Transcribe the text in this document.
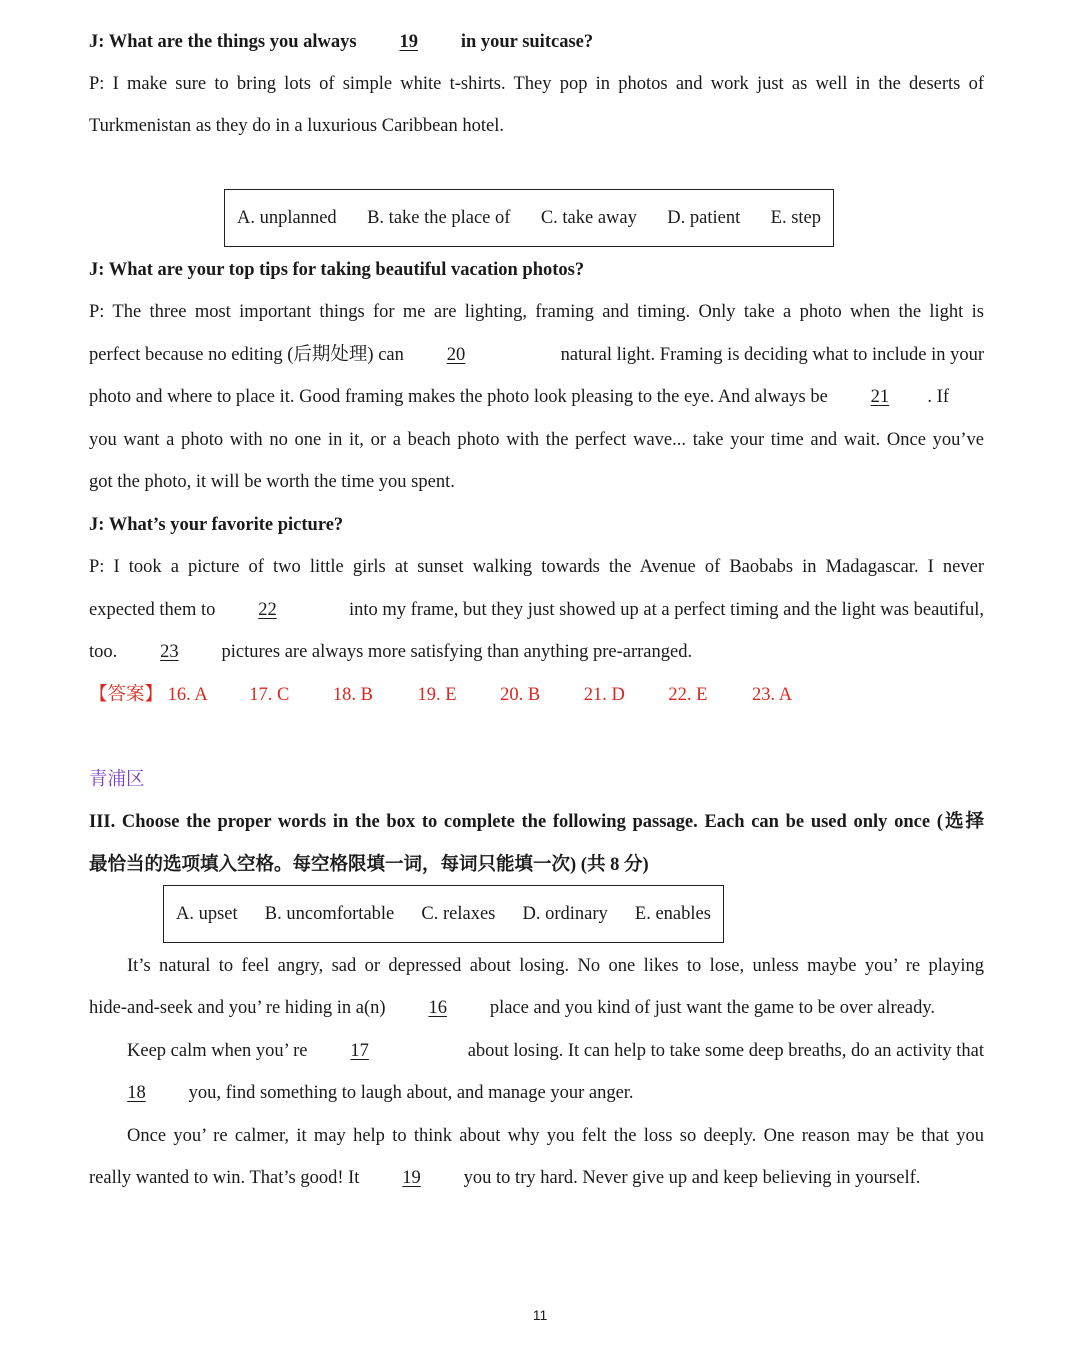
J: What are the things you always 19 in your suitcase?
P: I make sure to bring lots of simple white t-shirts. They pop in photos and work just as well in the deserts of
Turkmenistan as they do in a luxurious Caribbean hotel.
A. unplanned B. take the place of C. take away D. patient E. step
J: What are your top tips for taking beautiful vacation photos?
P: The three most important things for me are lighting, framing and timing. Only take a photo when the light is
perfect because no editing (后期处理) can 20	natural light. Framing is deciding what to include in your
photo and where to place it. Good framing makes the photo look pleasing to the eye. And always be 21 . If
you want a photo with no one in it, or a beach photo with the perfect wave... take your time and wait. Once you’ve
got the photo, it will be worth the time you spent.
J: What’s your favorite picture?
P: I took a picture of two little girls at sunset walking towards the Avenue of Baobabs in Madagascar. I never
expected them to 22	into my frame, but they just showed up at a perfect timing and the light was beautiful,
too. 23 pictures are always more satisfying than anything pre-arranged.
【答案】 16. A 17. C 18. B 19. E 20. B 21. D 22. E 23. A
青浦区
III. Choose the proper words in the box to complete the following passage. Each can be used only once (选择
最恰当的选项填入空格。每空格限填一词，每词只能填一次) (共 8 分)
A. upset B. uncomfortable C. relaxes D. ordinary E. enables
It’s natural to feel angry, sad or depressed about losing. No one likes to lose, unless maybe you’ re playing
hide-and-seek and you’ re hiding in a(n) 16 place and you kind of just want the game to be over already.
Keep calm when you’ re 17	about losing. It can help to take some deep breaths, do an activity that
18 you, find something to laugh about, and manage your anger.
Once you’ re calmer, it may help to think about why you felt the loss so deeply. One reason may be that you
really wanted to win. That’s good! It 19 you to try hard. Never give up and keep believing in yourself.
11
